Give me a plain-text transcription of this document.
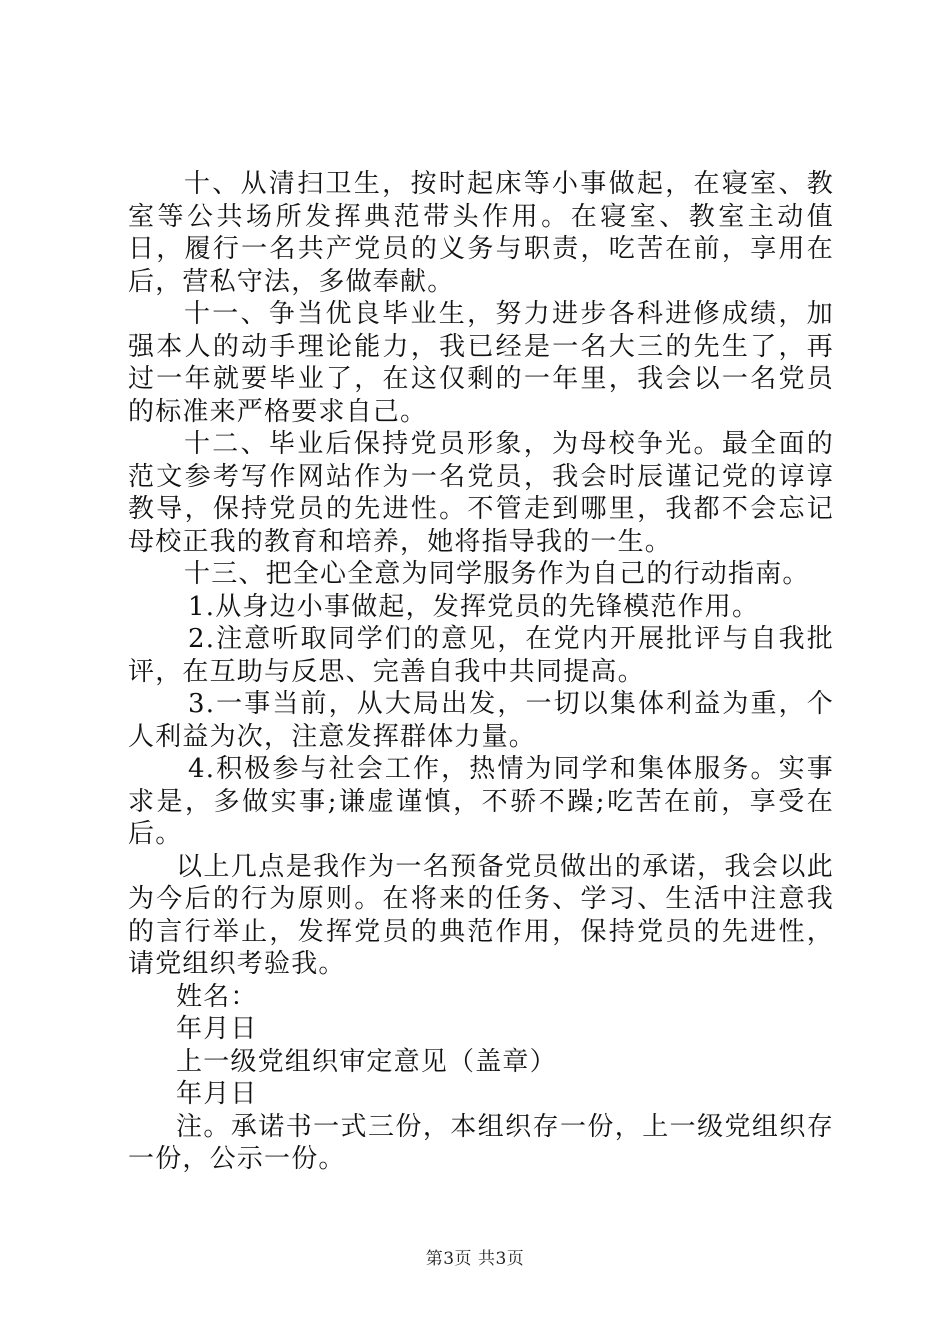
十、从清扫卫生，按时起床等小事做起，在寝室、教室等公共场所发挥典范带头作用。在寝室、教室主动值日，履行一名共产党员的义务与职责，吃苦在前，享用在后，营私守法，多做奉献。

十一、争当优良毕业生，努力进步各科进修成绩，加强本人的动手理论能力，我已经是一名大三的先生了，再过一年就要毕业了，在这仅剩的一年里，我会以一名党员的标准来严格要求自己。

十二、毕业后保持党员形象，为母校争光。最全面的范文参考写作网站作为一名党员，我会时辰谨记党的谆谆教导，保持党员的先进性。不管走到哪里，我都不会忘记母校正我的教育和培养，她将指导我的一生。

十三、把全心全意为同学服务作为自己的行动指南。

1.从身边小事做起，发挥党员的先锋模范作用。

2.注意听取同学们的意见，在党内开展批评与自我批评，在互助与反思、完善自我中共同提高。

3.一事当前，从大局出发，一切以集体利益为重，个人利益为次，注意发挥群体力量。

4.积极参与社会工作，热情为同学和集体服务。实事求是，多做实事;谦虚谨慎，不骄不躁;吃苦在前，享受在后。

以上几点是我作为一名预备党员做出的承诺，我会以此为今后的行为原则。在将来的任务、学习、生活中注意我的言行举止，发挥党员的典范作用，保持党员的先进性，请党组织考验我。

姓名：

年月日

上一级党组织审定意见（盖章）

年月日

注。承诺书一式三份，本组织存一份，上一级党组织存一份，公示一份。

第3页 共3页
